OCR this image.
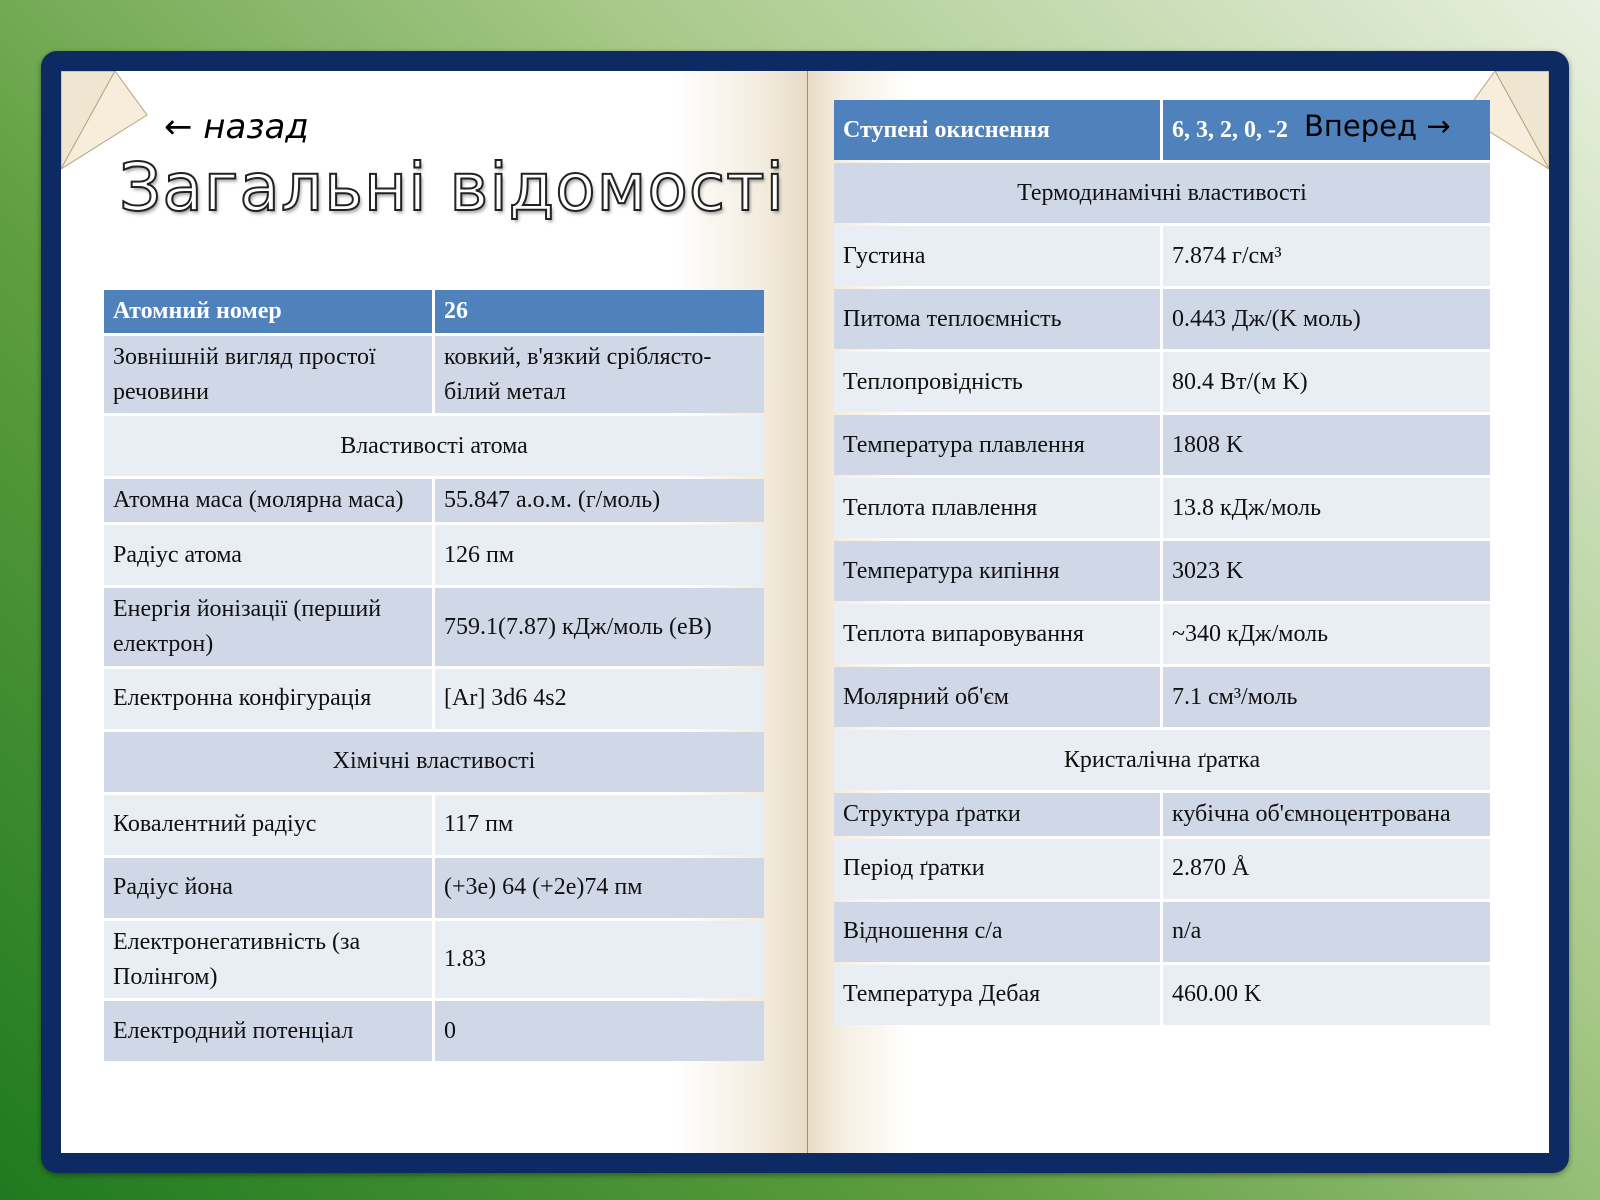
← назад
Загальні відомості
Атомний номер	26
Зовнішній вигляд простої речовини	ковкий, в'язкий сріблясто-білий метал
Властивості атома	
Атомна маса (молярна маса)	55.847 а.о.м. (г/моль)
Радіус атома	126 пм
Енергія йонізації (перший електрон)	759.1(7.87) кДж/моль (еВ)
Електронна конфігурація	[Ar] 3d6 4s2
Хімічні властивості	
Ковалентний радіус	117 пм
Радіус йона	(+3e) 64 (+2e)74 пм
Електронегативність (за Полінгом)	1.83
Електродний потенціал	0
Ступені окиснення	6, 3, 2, 0, -2
Термодинамічні властивості	
Густина	7.874 г/см³
Питома теплоємність	0.443 Дж/(K моль)
Теплопровідність	80.4 Вт/(м K)
Температура плавлення	1808 K
Теплота плавлення	13.8 кДж/моль
Температура кипіння	3023 K
Теплота випаровування	~340 кДж/моль
Молярний об'єм	7.1 см³/моль
Кристалічна ґратка	
Структура ґратки	кубічна об'ємноцентрована
Період ґратки	2.870 Å
Відношення c/a	n/a
Температура Дебая	460.00 K
Вперед →
